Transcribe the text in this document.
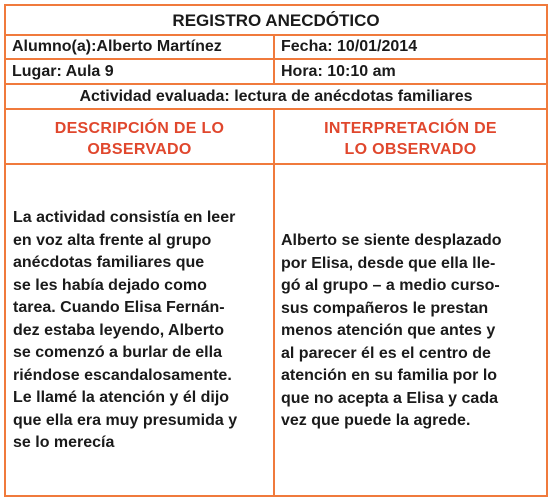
REGISTRO ANECDÓTICO
Alumno(a):Alberto Martínez	Fecha: 10/01/2014
Lugar: Aula 9	Hora: 10:10 am
Actividad evaluada: lectura de anécdotas familiares
DESCRIPCIÓN DE LO
OBSERVADO
INTERPRETACIÓN DE
LO OBSERVADO
La actividad consistía en leer
en voz alta frente al grupo
anécdotas familiares que
se les había dejado como
tarea. Cuando Elisa Fernán-
dez estaba leyendo, Alberto
se comenzó a burlar de ella
riéndose escandalosamente.
Le llamé la atención y él dijo
que ella era muy presumida y
se lo merecía
Alberto se siente desplazado
por Elisa, desde que ella lle-
gó al grupo – a medio curso-
sus compañeros le prestan
menos atención que antes y
al parecer él es el centro de
atención en su familia por lo
que no acepta a Elisa y cada
vez que puede la agrede.
